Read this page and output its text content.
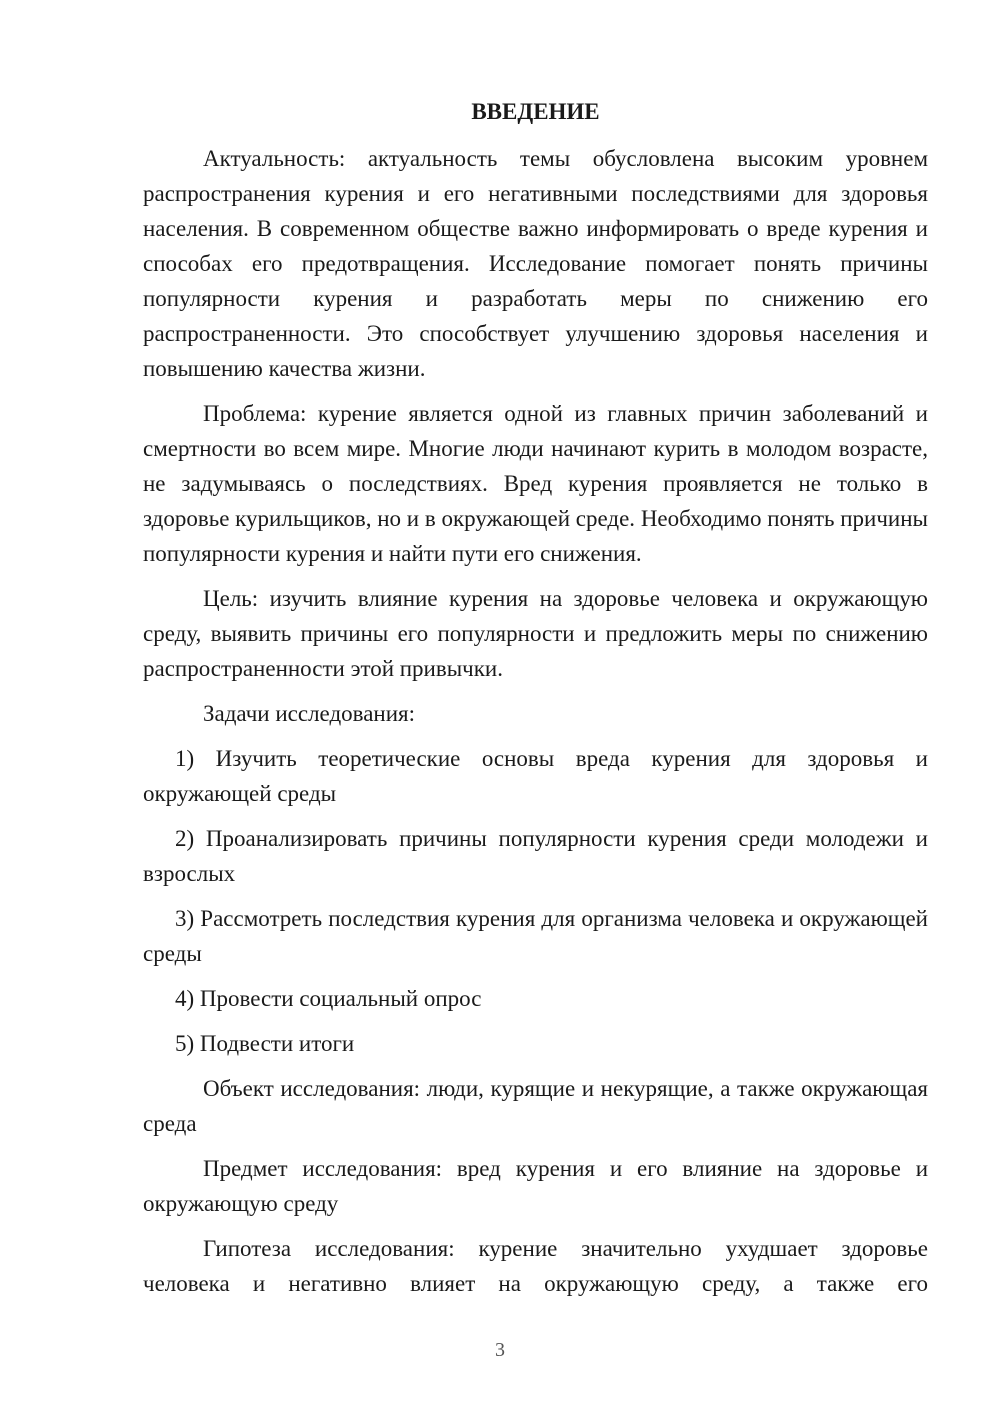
ВВЕДЕНИЕ

Актуальность: актуальность темы обусловлена высоким уровнем распространения курения и его негативными последствиями для здоровья населения. В современном обществе важно информировать о вреде курения и способах его предотвращения. Исследование помогает понять причины популярности курения и разработать меры по снижению его распространенности. Это способствует улучшению здоровья населения и повышению качества жизни.

Проблема: курение является одной из главных причин заболеваний и смертности во всем мире. Многие люди начинают курить в молодом возрасте, не задумываясь о последствиях. Вред курения проявляется не только в здоровье курильщиков, но и в окружающей среде. Необходимо понять причины популярности курения и найти пути его снижения.

Цель: изучить влияние курения на здоровье человека и окружающую среду, выявить причины его популярности и предложить меры по снижению распространенности этой привычки.

Задачи исследования:

1) Изучить теоретические основы вреда курения для здоровья и окружающей среды

2) Проанализировать причины популярности курения среди молодежи и взрослых

3) Рассмотреть последствия курения для организма человека и окружающей среды

4) Провести социальный опрос

5) Подвести итоги

Объект исследования: люди, курящие и некурящие, а также окружающая среда

Предмет исследования: вред курения и его влияние на здоровье и окружающую среду

Гипотеза исследования: курение значительно ухудшает здоровье человека и негативно влияет на окружающую среду, а также его

3
